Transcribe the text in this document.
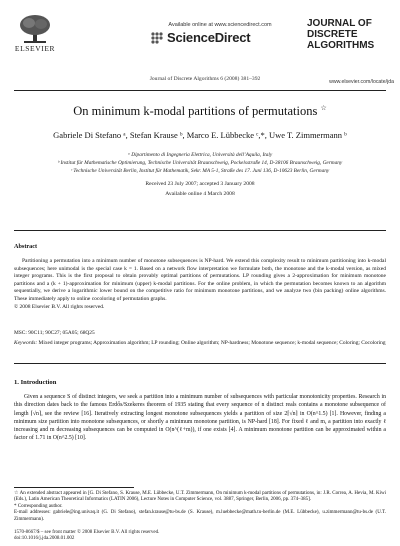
ELSEVIER
Available online at www.sciencedirect.com
ScienceDirect
Journal of Discrete Algorithms 6 (2008) 381–392
JOURNAL OF
DISCRETE
ALGORITHMS
www.elsevier.com/locate/jda
On minimum k-modal partitions of permutations ☆
Gabriele Di Stefano ᵃ, Stefan Krause ᵇ, Marco E. Lübbecke ᶜ,*, Uwe T. Zimmermann ᵇ
ᵃ Dipartimento di Ingegneria Elettrica, Università dell’Aquila, Italy
ᵇ Institut für Mathematische Optimierung, Technische Universität Braunschweig, Pockelsstraße 14, D-38106 Braunschweig, Germany
ᶜ Technische Universität Berlin, Institut für Mathematik, Sekr. MA 5-1, Straße des 17. Juni 136, D-10623 Berlin, Germany
Received 23 July 2007; accepted 3 January 2008
Available online 4 March 2008
Abstract
Partitioning a permutation into a minimum number of monotone subsequences is NP-hard. We extend this complexity result to minimum partitioning into k-modal subsequences; here unimodal is the special case k = 1. Based on a network flow interpretation we formulate both, the monotone and the k-modal version, as mixed integer programs. This is the first proposal to obtain provably optimal partitions of permutations. LP rounding gives a 2-approximation for minimum monotone partitions and a (k + 1)-approximation for minimum (upper) k-modal partitions. For the online problem, in which the permutation becomes known to an algorithm sequentially, we derive a logarithmic lower bound on the competitive ratio for minimum monotone partitions, and we analyze two (bin packing) online algorithms. These immediately apply to online cocoloring of permutation graphs.
© 2008 Elsevier B.V. All rights reserved.
MSC: 90C11; 90C27; 05A05; 68Q25
Keywords: Mixed integer programs; Approximation algorithm; LP rounding; Online algorithm; NP-hardness; Monotone sequence; k-modal sequence; Coloring; Cocoloring
1. Introduction
Given a sequence S of distinct integers, we seek a partition into a minimum number of subsequences with particular monotonicity properties. Research in this direction dates back to the famous Erdős/Szekeres theorem of 1935 stating that every sequence of n distinct reals contains a monotone subsequence of length ⌈√n⌉, see the review [16]. Iteratively extracting longest monotone subsequences yields a partition of size 2⌈√n⌉ in O(n^1.5) [1]. However, finding a minimum size partition into monotone subsequences, or shortly a minimum monotone partition, is NP-hard [18]. For fixed ℓ and m, a partition into exactly ℓ increasing and m decreasing subsequences can be computed in O(n^(ℓ+m)), if one exists [4]. A minimum monotone partition can be approximated within a factor of 1.71 in O(n^2.5) [10].
☆ An extended abstract appeared in [G. Di Stefano, S. Krause, M.E. Lübbecke, U.T. Zimmermann, On minimum k-modal partitions of permutations, in: J.R. Correa, A. Hevia, M. Kiwi (Eds.), Latin American Theoretical Informatics (LATIN 2006), Lecture Notes in Computer Science, vol. 3887, Springer, Berlin, 2006, pp. 374–385].
* Corresponding author.
E-mail addresses: gabriele@ing.univaq.it (G. Di Stefano), stefan.krause@tu-bs.de (S. Krause), m.luebbecke@math.tu-berlin.de (M.E. Lübbecke), u.zimmermann@tu-bs.de (U.T. Zimmermann).
1570-8667/$ – see front matter © 2008 Elsevier B.V. All rights reserved.
doi:10.1016/j.jda.2008.01.002
